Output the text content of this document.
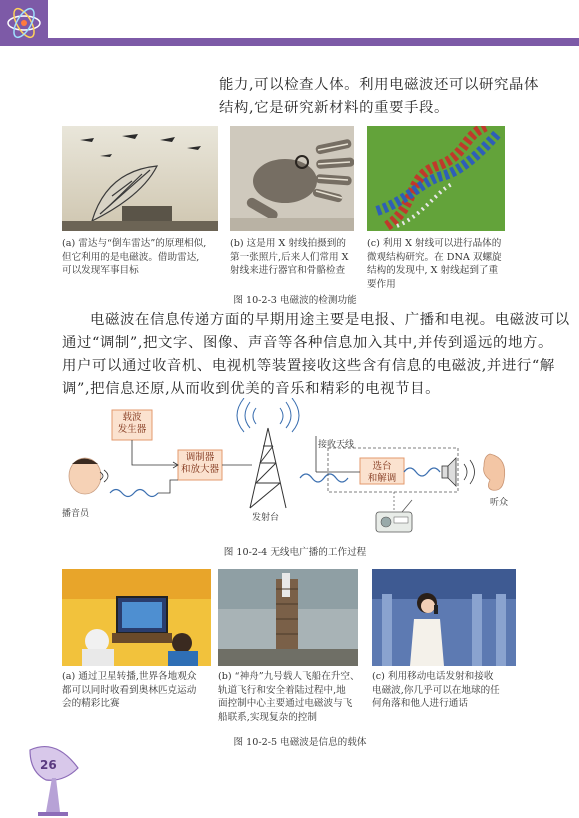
能力,可以检查人体。利用电磁波还可以研究晶体
结构,它是研究新材料的重要手段。
(a) 雷达与“倒车雷达”的原理相似,
但它利用的是电磁波。借助雷达,
可以发现军事目标
(b) 这是用 X 射线拍摄到的
第一张照片,后来人们常用 X
射线来进行器官和骨骼检查
(c) 利用 X 射线可以进行晶体的
微观结构研究。在 DNA 双螺旋
结构的发现中, X 射线起到了重
要作用
图 10-2-3 电磁波的检测功能
电磁波在信息传递方面的早期用途主要是电报、广播和电视。电磁波可以
通过“调制”,把文字、图像、声音等各种信息加入其中,并传到遥远的地方。
用户可以通过收音机、电视机等装置接收这些含有信息的电磁波,并进行“解
调”,把信息还原,从而收到优美的音乐和精彩的电视节目。
载波
发生器
调制器
和放大器	选台
和解调
播音员	发射台
接收天线
听众
图 10-2-4 无线电广播的工作过程
(a) 通过卫星转播,世界各地观众
都可以同时收看到奥林匹克运动
会的精彩比赛
(b) “神舟”九号载人飞船在升空、
轨道飞行和安全着陆过程中,地
面控制中心主要通过电磁波与飞
船联系,实现复杂的控制
(c) 利用移动电话发射和接收
电磁波,你几乎可以在地球的任
何角落和他人进行通话
图 10-2-5 电磁波是信息的载体
26
